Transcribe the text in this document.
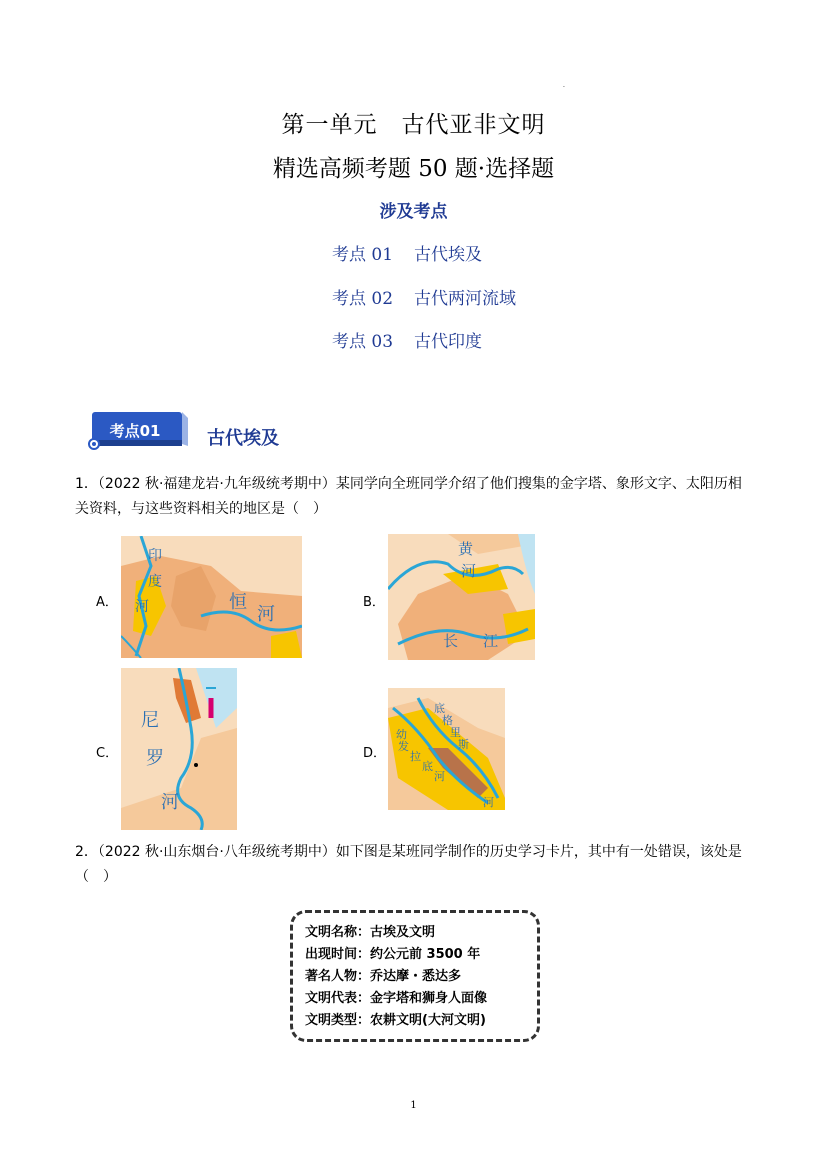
.
第一单元　古代亚非文明
精选高频考题 50 题·选择题
涉及考点
考点 01 古代埃及
考点 02 古代两河流域
考点 03 古代印度
考点01	古代埃及
1．（2022 秋·福建龙岩·九年级统考期中）某同学向全班同学介绍了他们搜集的金字塔、象形文字、太阳历相关资料，与这些资料相关的地区是（　）
A．
印
度
河	恒
河
B．
黄
河
长 江
C．
尼
罗
河
D．
幼
发
拉
底
河
底
格
里
斯
河
2．（2022 秋·山东烟台·八年级统考期中）如下图是某班同学制作的历史学习卡片，其中有一处错误，该处是（　）
文明名称：古埃及文明
出现时间：约公元前 3500 年
著名人物：乔达摩・悉达多
文明代表：金字塔和狮身人面像
文明类型：农耕文明(大河文明)
1
